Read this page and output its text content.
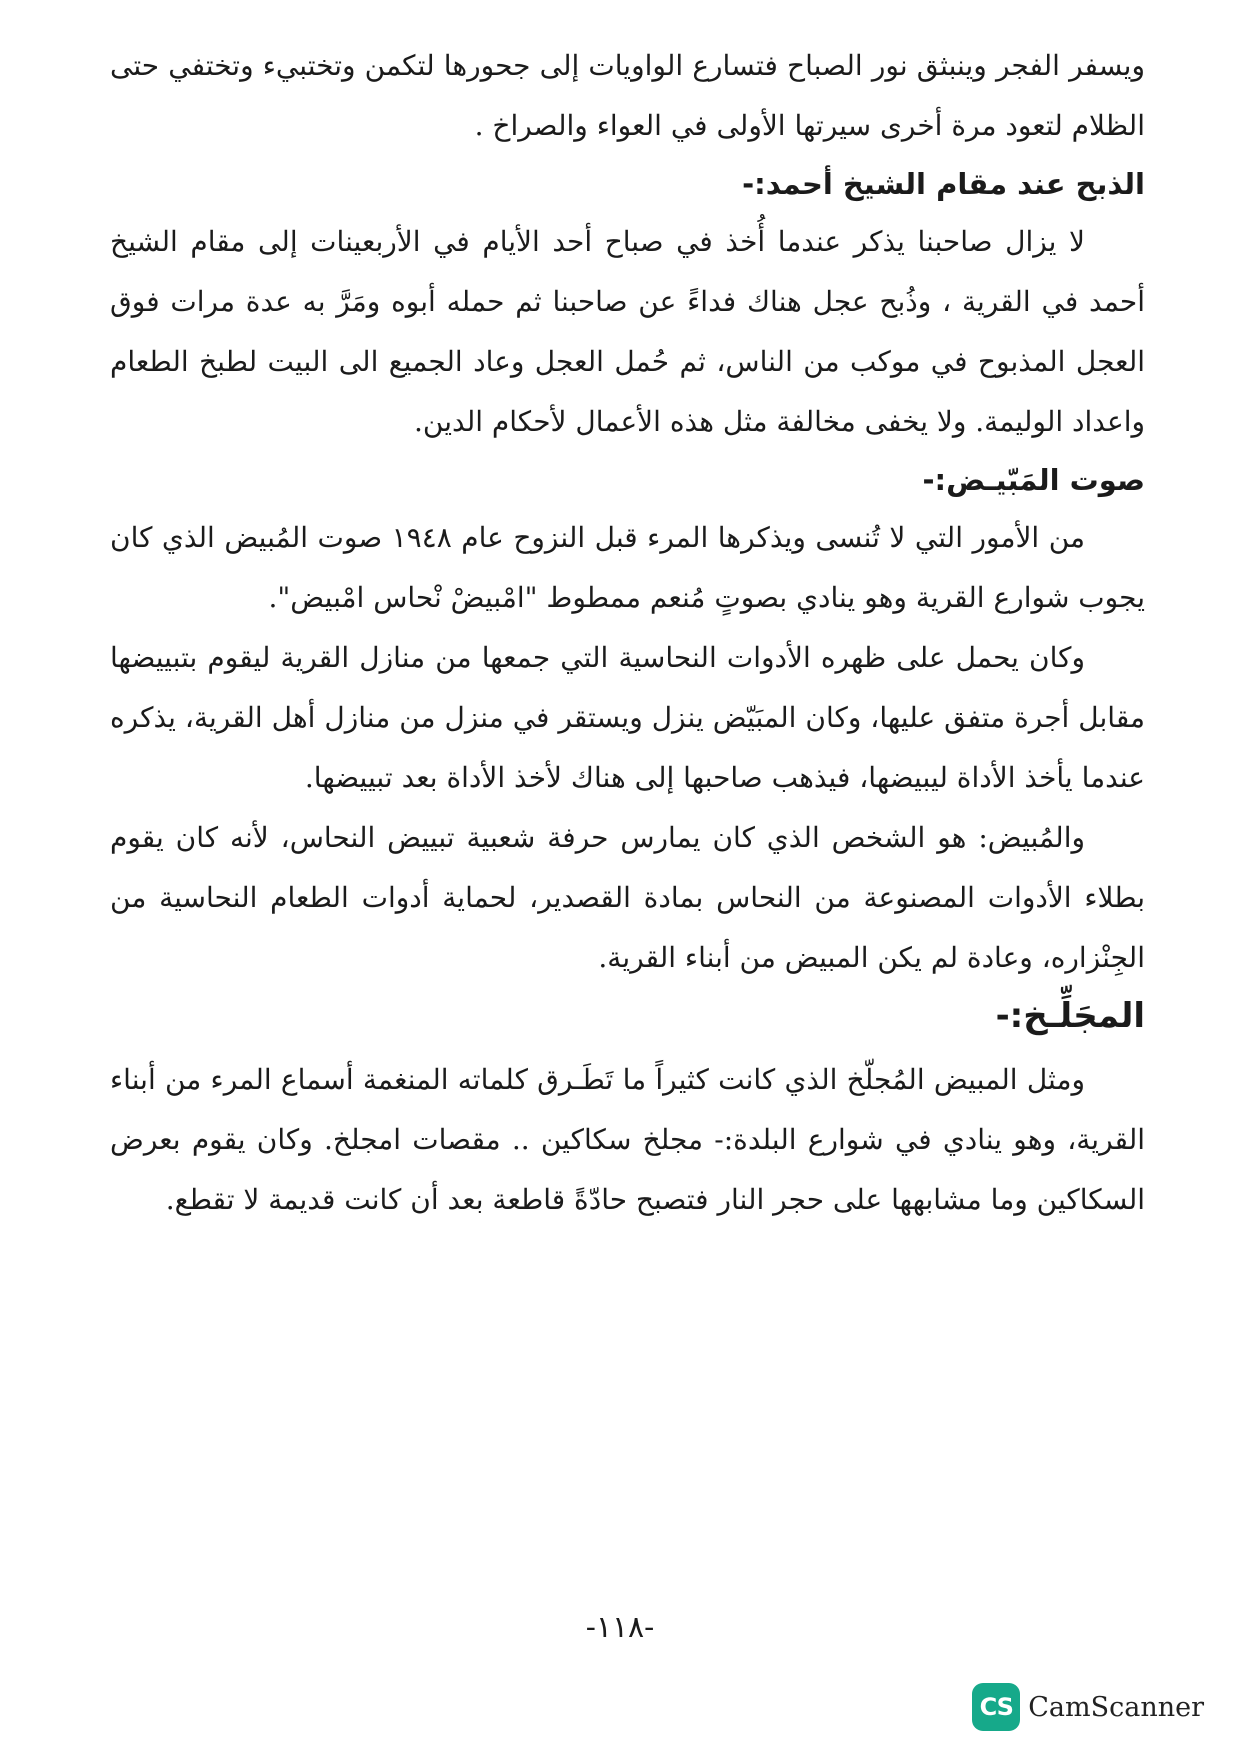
ويسفر الفجر وينبثق نور الصباح فتسارع الواويات إلى جحورها لتكمن وتختبيء وتختفي حتى الظلام لتعود مرة أخرى سيرتها الأولى في العواء والصراخ .

الذبح عند مقام الشيخ أحمد:-

لا يزال صاحبنا يذكر عندما أُخذ في صباح أحد الأيام في الأربعينات إلى مقام الشيخ أحمد في القرية ، وذُبح عجل هناك فداءً عن صاحبنا ثم حمله أبوه ومَرَّ به عدة مرات فوق العجل المذبوح في موكب من الناس، ثم حُمل العجل وعاد الجميع الى البيت لطبخ الطعام واعداد الوليمة. ولا يخفى مخالفة مثل هذه الأعمال لأحكام الدين.

صوت المَبّيـض:-

من الأمور التي لا تُنسى ويذكرها المرء قبل النزوح عام ١٩٤٨ صوت المُبيض الذي كان يجوب شوارع القرية وهو ينادي بصوتٍ مُنعم ممطوط "امْبيضْ نْحاس امْبيض".

وكان يحمل على ظهره الأدوات النحاسية التي جمعها من منازل القرية ليقوم بتبييضها مقابل أجرة متفق عليها، وكان المبَيّض ينزل ويستقر في منزل من منازل أهل القرية، يذكره عندما يأخذ الأداة ليبيضها، فيذهب صاحبها إلى هناك لأخذ الأداة بعد تبييضها.

والمُبيض: هو الشخص الذي كان يمارس حرفة شعبية تبييض النحاس، لأنه كان يقوم بطلاء الأدوات المصنوعة من النحاس بمادة القصدير، لحماية أدوات الطعام النحاسية من الجِنْزاره، وعادة لم يكن المبيض من أبناء القرية.

المجَلِّـخ:-

ومثل المبيض المُجلّخ الذي كانت كثيراً ما تَطَـرق كلماته المنغمة أسماع المرء من أبناء القرية، وهو ينادي في شوارع البلدة:- مجلخ سكاكين .. مقصات امجلخ. وكان يقوم بعرض السكاكين وما مشابهها على حجر النار فتصبح حادّةً قاطعة بعد أن كانت قديمة لا تقطع.

-١١٨-
CS CamScanner
